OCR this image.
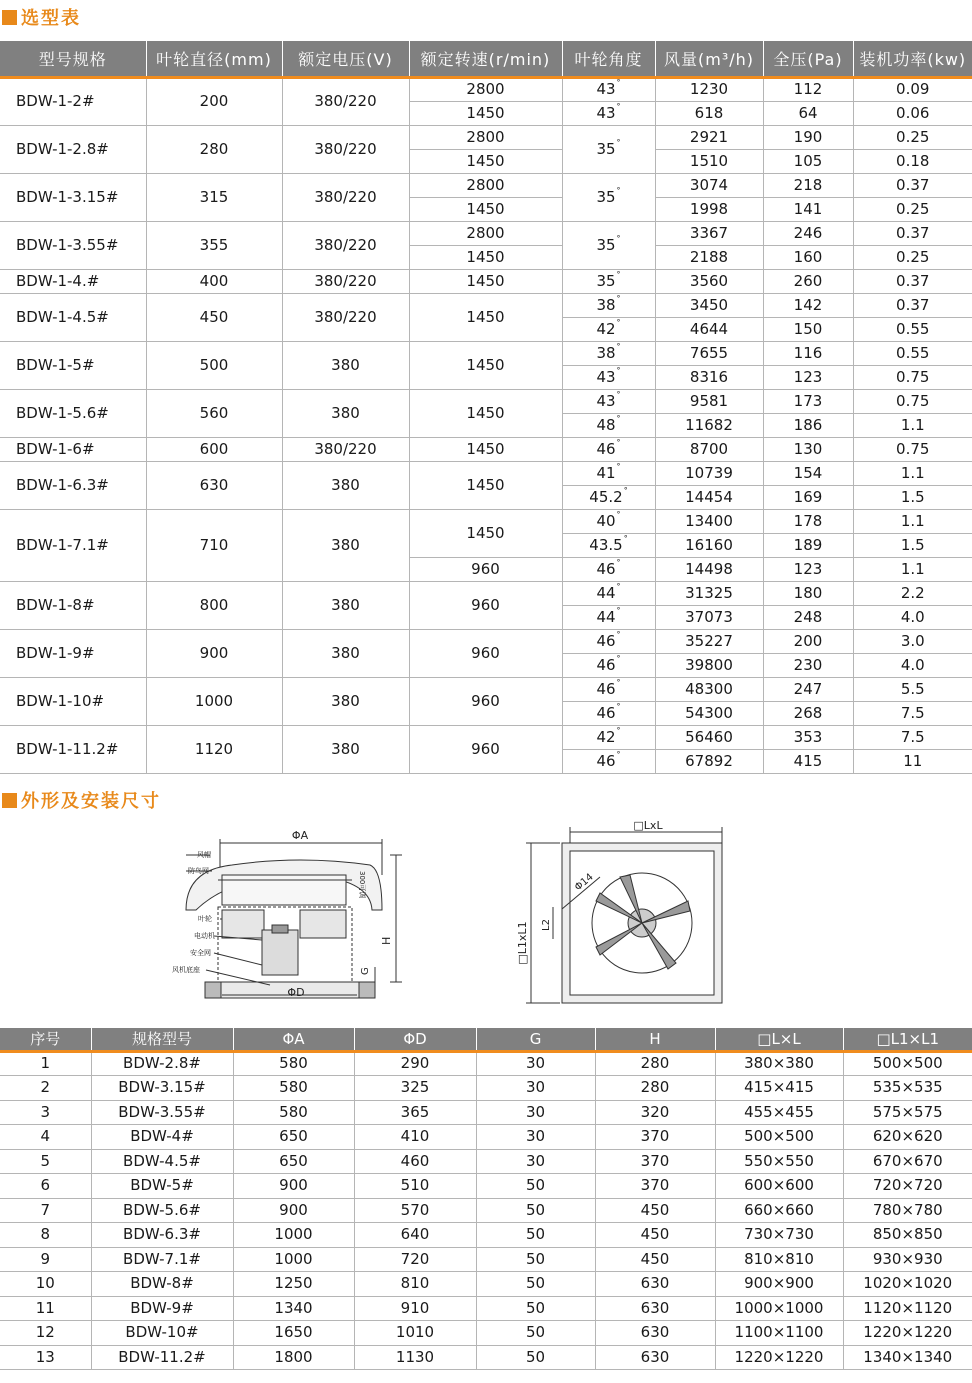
选型表
型号规格	叶轮直径(mm)	额定电压(V)	额定转速(r/min)	叶轮角度	风量(m³/h)	全压(Pa)	装机功率(kw)
BDW-1-2#	200	380/220	2800	43°	1230	112	0.09
			1450	43°	618	64	0.06
BDW-1-2.8#	280	380/220	2800	35°	2921	190	0.25
			1450		1510	105	0.18
BDW-1-3.15#	315	380/220	2800	35°	3074	218	0.37
			1450		1998	141	0.25
BDW-1-3.55#	355	380/220	2800	35°	3367	246	0.37
			1450		2188	160	0.25
BDW-1-4.#	400	380/220	1450	35°	3560	260	0.37
BDW-1-4.5#	450	380/220	1450	38°	3450	142	0.37
				42°	4644	150	0.55
BDW-1-5#	500	380	1450	38°	7655	116	0.55
				43°	8316	123	0.75
BDW-1-5.6#	560	380	1450	43°	9581	173	0.75
				48°	11682	186	1.1
BDW-1-6#	600	380/220	1450	46°	8700	130	0.75
BDW-1-6.3#	630	380	1450	41°	10739	154	1.1
				45.2°	14454	169	1.5
BDW-1-7.1#	710	380	1450	40°	13400	178	1.1
				43.5°	16160	189	1.5
			960	46°	14498	123	1.1
BDW-1-8#	800	380	960	44°	31325	180	2.2
				44°	37073	248	4.0
BDW-1-9#	900	380	960	46°	35227	200	3.0
				46°	39800	230	4.0
BDW-1-10#	1000	380	960	46°	48300	247	5.5
				46°	54300	268	7.5
BDW-1-11.2#	1120	380	960	42°	56460	353	7.5
				46°	67892	415	11
外形及安装尺寸
ΦA
ΦD
H
G
300可调
风帽
防鸟网
叶轮
电动机
安全网
风机底座
□LxL
□L1xL1 L2
Φ14
序号	规格型号	ΦA	ΦD	G	H	□L×L	□L1×L1
1	BDW-2.8#	580	290	30	280	380×380	500×500
2	BDW-3.15#	580	325	30	280	415×415	535×535
3	BDW-3.55#	580	365	30	320	455×455	575×575
4	BDW-4#	650	410	30	370	500×500	620×620
5	BDW-4.5#	650	460	30	370	550×550	670×670
6	BDW-5#	900	510	50	370	600×600	720×720
7	BDW-5.6#	900	570	50	450	660×660	780×780
8	BDW-6.3#	1000	640	50	450	730×730	850×850
9	BDW-7.1#	1000	720	50	450	810×810	930×930
10	BDW-8#	1250	810	50	630	900×900	1020×1020
11	BDW-9#	1340	910	50	630	1000×1000	1120×1120
12	BDW-10#	1650	1010	50	630	1100×1100	1220×1220
13	BDW-11.2#	1800	1130	50	630	1220×1220	1340×1340
